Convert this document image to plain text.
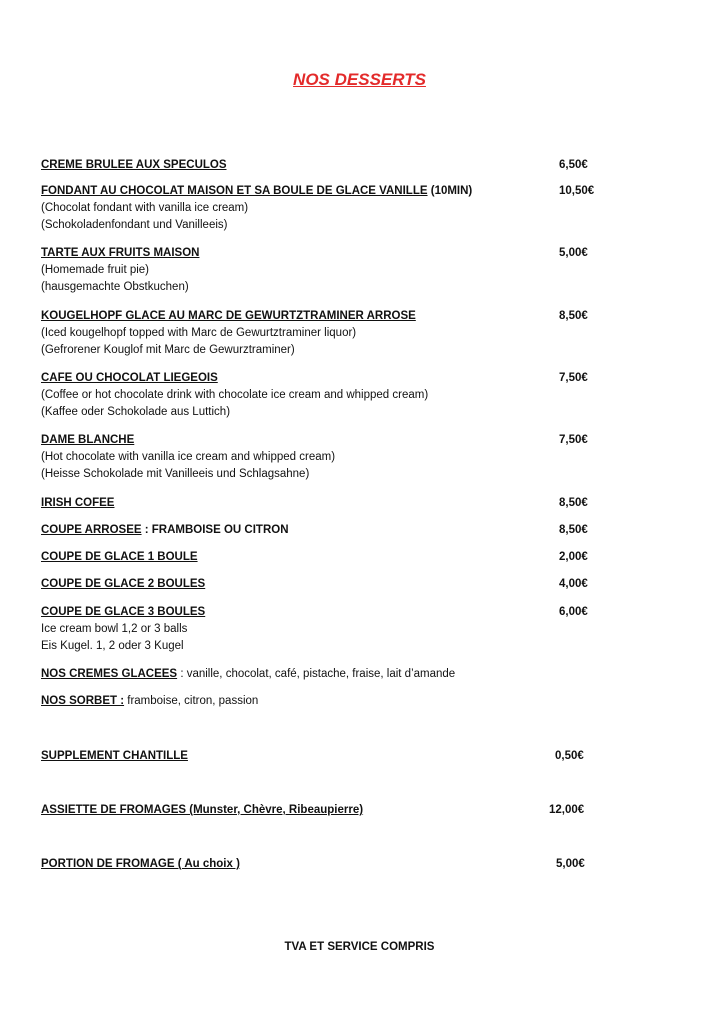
NOS DESSERTS
CREME BRULEE AUX SPECULOS	6,50€
FONDANT AU CHOCOLAT MAISON ET SA BOULE DE GLACE VANILLE (10MIN)	10,50€
(Chocolat fondant with vanilla ice cream)
(Schokoladenfondant und Vanilleeis)
TARTE AUX FRUITS MAISON	5,00€
(Homemade fruit pie)
(hausgemachte Obstkuchen)
KOUGELHOPF GLACE AU MARC DE GEWURTZTRAMINER ARROSE	8,50€
(Iced kougelhopf topped with Marc de Gewurtztraminer liquor)
(Gefrorener Kouglof mit Marc de Gewurztraminer)
CAFE OU CHOCOLAT LIEGEOIS	7,50€
(Coffee or hot chocolate drink with chocolate ice cream and whipped cream)
(Kaffee oder Schokolade aus Luttich)
DAME BLANCHE	7,50€
(Hot chocolate with vanilla ice cream and whipped cream)
(Heisse Schokolade mit Vanilleeis und Schlagsahne)
IRISH COFEE	8,50€
COUPE ARROSEE : FRAMBOISE OU CITRON	8,50€
COUPE DE GLACE 1 BOULE	2,00€
COUPE DE GLACE 2 BOULES	4,00€
COUPE DE GLACE 3 BOULES	6,00€
Ice cream bowl 1,2 or 3 balls
Eis Kugel. 1, 2 oder 3 Kugel
NOS CREMES GLACEES : vanille, chocolat, café, pistache, fraise, lait d’amande
NOS SORBET : framboise, citron, passion
SUPPLEMENT CHANTILLE	0,50€
ASSIETTE DE FROMAGES (Munster, Chèvre, Ribeaupierre)	12,00€
PORTION DE FROMAGE ( Au choix )	5,00€
TVA ET SERVICE COMPRIS
